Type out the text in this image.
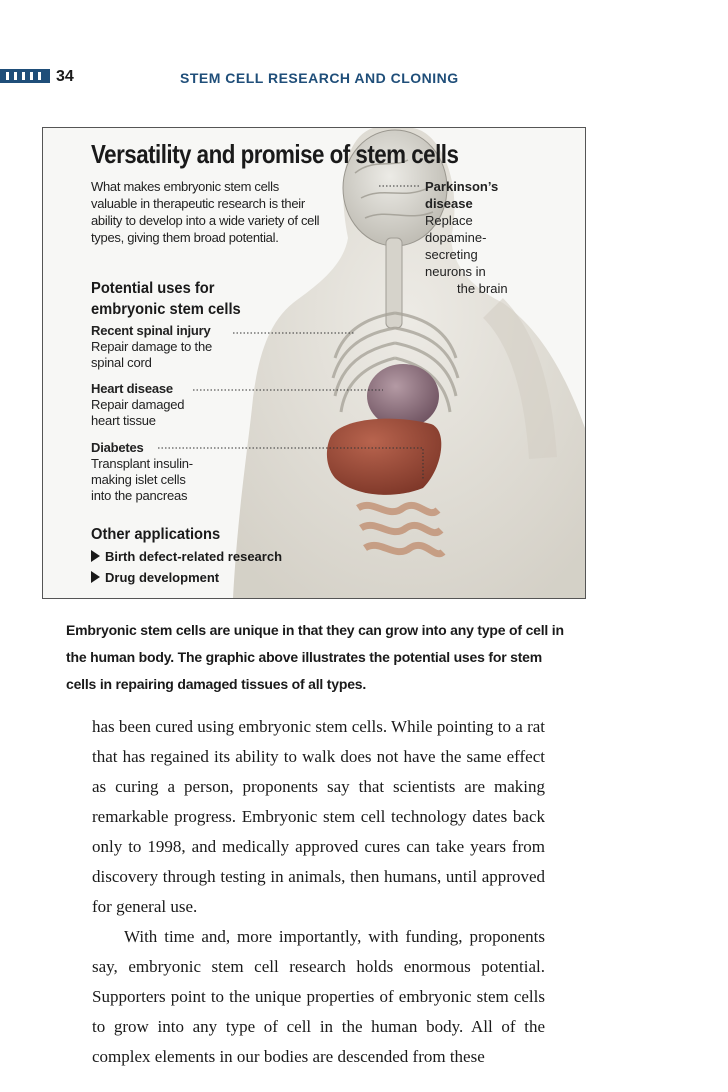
34	STEM CELL RESEARCH AND CLONING
Versatility and promise of stem cells
What makes embryonic stem cells valuable in therapeutic research is their ability to develop into a wide variety of cell types, giving them broad potential.
Potential uses for
embryonic stem cells
Recent spinal injury
Repair damage to the
spinal cord
Heart disease
Repair damaged
heart tissue
Diabetes
Transplant insulin-
making islet cells
into the pancreas
Parkinson’s
disease
Replace
dopamine-
secreting
neurons in
the brain
Other applications
Birth defect-related research
Drug development
Embryonic stem cells are unique in that they can grow into any type of cell in the human body. The graphic above illustrates the potential uses for stem cells in repairing damaged tissues of all types.

has been cured using embryonic stem cells. While pointing to a rat that has regained its ability to walk does not have the same effect as curing a person, proponents say that scientists are making remarkable progress. Embryonic stem cell technology dates back only to 1998, and medically approved cures can take years from discovery through testing in animals, then humans, until approved for general use.

With time and, more importantly, with funding, proponents say, embryonic stem cell research holds enormous potential. Supporters point to the unique properties of embryonic stem cells to grow into any type of cell in the human body. All of the complex elements in our bodies are descended from these
